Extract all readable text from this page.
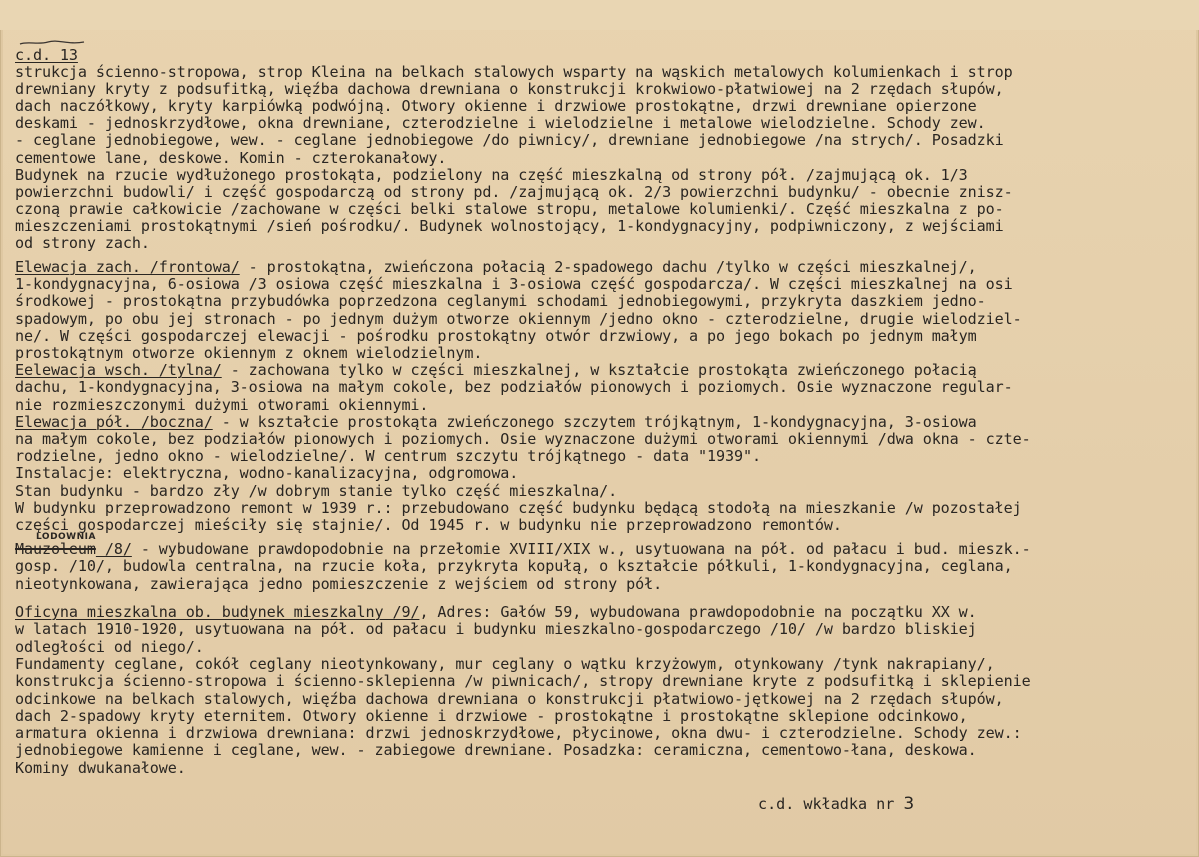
c.d. 13
LODOWNIA
strukcja ścienno-stropowa, strop Kleina na belkach stalowych wsparty na wąskich metalowych kolumienkach i strop
drewniany kryty z podsufitką, więźba dachowa drewniana o konstrukcji krokwiowo-płatwiowej na 2 rzędach słupów,
dach naczółkowy, kryty karpiówką podwójną. Otwory okienne i drzwiowe prostokątne, drzwi drewniane opierzone
deskami - jednoskrzydłowe, okna drewniane, czterodzielne i wielodzielne i metalowe wielodzielne. Schody zew.
- ceglane jednobiegowe, wew. - ceglane jednobiegowe /do piwnicy/, drewniane jednobiegowe /na strych/. Posadzki
cementowe lane, deskowe. Komin - czterokanałowy.
Budynek na rzucie wydłużonego prostokąta, podzielony na część mieszkalną od strony pół. /zajmującą ok. 1/3
powierzchni budowli/ i część gospodarczą od strony pd. /zajmującą ok. 2/3 powierzchni budynku/ - obecnie znisz-
czoną prawie całkowicie /zachowane w części belki stalowe stropu, metalowe kolumienki/. Część mieszkalna z po-
mieszczeniami prostokątnymi /sień pośrodku/. Budynek wolnostojący, 1-kondygnacyjny, podpiwniczony, z wejściami
od strony zach.
Elewacja zach. /frontowa/ - prostokątna, zwieńczona połacią 2-spadowego dachu /tylko w części mieszkalnej/,
1-kondygnacyjna, 6-osiowa /3 osiowa część mieszkalna i 3-osiowa część gospodarcza/. W części mieszkalnej na osi
środkowej - prostokątna przybudówka poprzedzona ceglanymi schodami jednobiegowymi, przykryta daszkiem jedno-
spadowym, po obu jej stronach - po jednym dużym otworze okiennym /jedno okno - czterodzielne, drugie wielodziel-
ne/. W części gospodarczej elewacji - pośrodku prostokątny otwór drzwiowy, a po jego bokach po jednym małym
prostokątnym otworze okiennym z oknem wielodzielnym.
Eelewacja wsch. /tylna/ - zachowana tylko w części mieszkalnej, w kształcie prostokąta zwieńczonego połacią
dachu, 1-kondygnacyjna, 3-osiowa na małym cokole, bez podziałów pionowych i poziomych. Osie wyznaczone regular-
nie rozmieszczonymi dużymi otworami okiennymi.
Elewacja pół. /boczna/ - w kształcie prostokąta zwieńczonego szczytem trójkątnym, 1-kondygnacyjna, 3-osiowa
na małym cokole, bez podziałów pionowych i poziomych. Osie wyznaczone dużymi otworami okiennymi /dwa okna - czte-
rodzielne, jedno okno - wielodzielne/. W centrum szczytu trójkątnego - data "1939".
Instalacje: elektryczna, wodno-kanalizacyjna, odgromowa.
Stan budynku - bardzo zły /w dobrym stanie tylko część mieszkalna/.
W budynku przeprowadzono remont w 1939 r.: przebudowano część budynku będącą stodołą na mieszkanie /w pozostałej
części gospodarczej mieściły się stajnie/. Od 1945 r. w budynku nie przeprowadzono remontów.
Mauzoleum /8/ - wybudowane prawdopodobnie na przełomie XVIII/XIX w., usytuowana na pół. od pałacu i bud. mieszk.-
gosp. /10/, budowla centralna, na rzucie koła, przykryta kopułą, o kształcie półkuli, 1-kondygnacyjna, ceglana,
nieotynkowana, zawierająca jedno pomieszczenie z wejściem od strony pół.
Oficyna mieszkalna ob. budynek mieszkalny /9/, Adres: Gałów 59, wybudowana prawdopodobnie na początku XX w.
w latach 1910-1920, usytuowana na pół. od pałacu i budynku mieszkalno-gospodarczego /10/ /w bardzo bliskiej
odległości od niego/.
Fundamenty ceglane, cokół ceglany nieotynkowany, mur ceglany o wątku krzyżowym, otynkowany /tynk nakrapiany/,
konstrukcja ścienno-stropowa i ścienno-sklepienna /w piwnicach/, stropy drewniane kryte z podsufitką i sklepienie
odcinkowe na belkach stalowych, więźba dachowa drewniana o konstrukcji płatwiowo-jętkowej na 2 rzędach słupów,
dach 2-spadowy kryty eternitem. Otwory okienne i drzwiowe - prostokątne i prostokątne sklepione odcinkowo,
armatura okienna i drzwiowa drewniana: drzwi jednoskrzydłowe, płycinowe, okna dwu- i czterodzielne. Schody zew.:
jednobiegowe kamienne i ceglane, wew. - zabiegowe drewniane. Posadzka: ceramiczna, cementowo-łana, deskowa.
Kominy dwukanałowe.
c.d. wkładka nr 3
